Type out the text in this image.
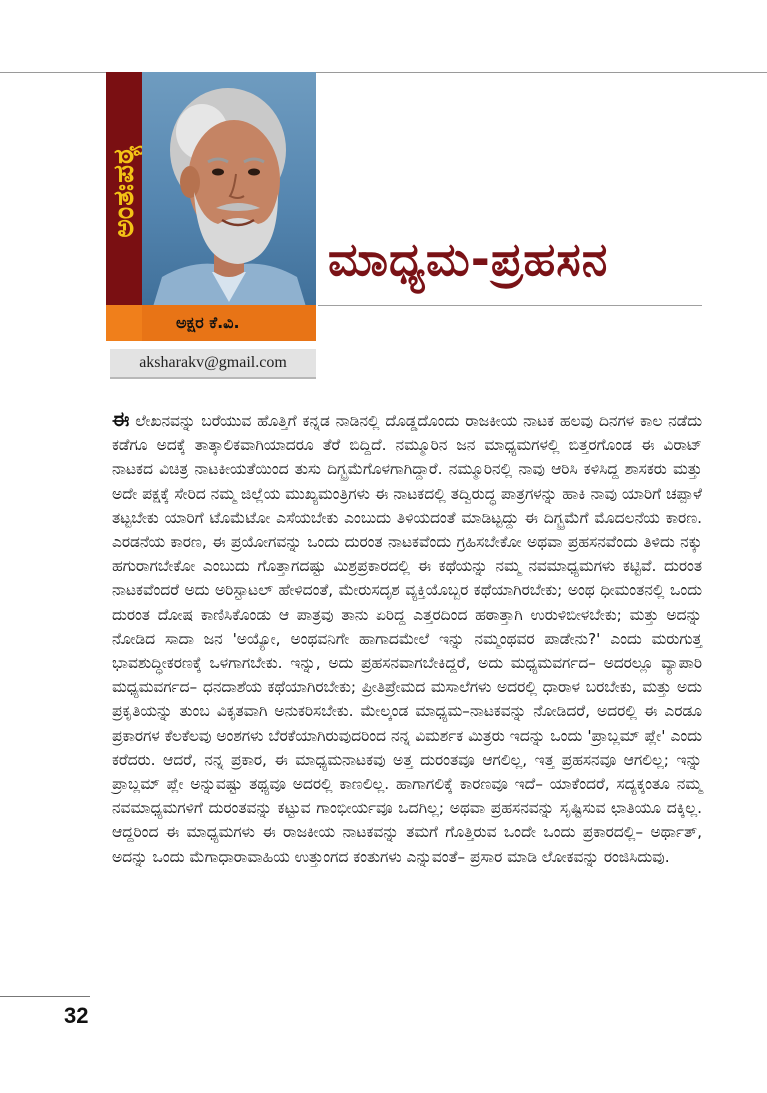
ಅಂತಃಪಠ್ಯ
ಅಕ್ಷರ ಕೆ.ವಿ.
aksharakv@gmail.com
ಮಾಧ್ಯಮ-ಪ್ರಹಸನ

ಈ ಲೇಖನವನ್ನು ಬರೆಯುವ ಹೊತ್ತಿಗೆ ಕನ್ನಡ ನಾಡಿನಲ್ಲಿ ದೊಡ್ಡದೊಂದು ರಾಜಕೀಯ ನಾಟಕ ಹಲವು ದಿನಗಳ ಕಾಲ ನಡೆದು ಕಡೆಗೂ ಅದಕ್ಕೆ ತಾತ್ಕಾಲಿಕವಾಗಿಯಾದರೂ ತೆರೆ ಬಿದ್ದಿದೆ. ನಮ್ಮೂರಿನ ಜನ ಮಾಧ್ಯಮಗಳಲ್ಲಿ ಬಿತ್ತರಗೊಂಡ ಈ ವಿರಾಟ್ ನಾಟಕದ ವಿಚಿತ್ರ ನಾಟಕೀಯತೆಯಿಂದ ತುಸು ದಿಗ್ಭ್ರಮೆಗೊಳಗಾಗಿದ್ದಾರೆ. ನಮ್ಮೂರಿನಲ್ಲಿ ನಾವು ಆರಿಸಿ ಕಳಿಸಿದ್ದ ಶಾಸಕರು ಮತ್ತು ಅದೇ ಪಕ್ಷಕ್ಕೆ ಸೇರಿದ ನಮ್ಮ ಜಿಲ್ಲೆಯ ಮುಖ್ಯಮಂತ್ರಿಗಳು ಈ ನಾಟಕದಲ್ಲಿ ತದ್ವಿರುದ್ಧ ಪಾತ್ರಗಳನ್ನು ಹಾಕಿ ನಾವು ಯಾರಿಗೆ ಚಪ್ಪಾಳೆ ತಟ್ಟಬೇಕು ಯಾರಿಗೆ ಟೊಮೆಟೋ ಎಸೆಯಬೇಕು ಎಂಬುದು ತಿಳಿಯದಂತೆ ಮಾಡಿಟ್ಟದ್ದು ಈ ದಿಗ್ಭ್ರಮೆಗೆ ಮೊದಲನೆಯ ಕಾರಣ. ಎರಡನೆಯ ಕಾರಣ, ಈ ಪ್ರಯೋಗವನ್ನು ಒಂದು ದುರಂತ ನಾಟಕವೆಂದು ಗ್ರಹಿಸಬೇಕೋ ಅಥವಾ ಪ್ರಹಸನವೆಂದು ತಿಳಿದು ನಕ್ಕು ಹಗುರಾಗಬೇಕೋ ಎಂಬುದು ಗೊತ್ತಾಗದಷ್ಟು ಮಿಶ್ರಪ್ರಕಾರದಲ್ಲಿ ಈ ಕಥೆಯನ್ನು ನಮ್ಮ ನವಮಾಧ್ಯಮಗಳು ಕಟ್ಟಿವೆ. ದುರಂತ ನಾಟಕವೆಂದರೆ ಅದು ಅರಿಸ್ಟಾಟಲ್ ಹೇಳಿದಂತೆ, ಮೇರುಸದೃಶ ವ್ಯಕ್ತಿಯೊಬ್ಬರ ಕಥೆಯಾಗಿರಬೇಕು; ಅಂಥ ಧೀಮಂತನಲ್ಲಿ ಒಂದು ದುರಂತ ದೋಷ ಕಾಣಿಸಿಕೊಂಡು ಆ ಪಾತ್ರವು ತಾನು ಏರಿದ್ದ ಎತ್ತರದಿಂದ ಹಠಾತ್ತಾಗಿ ಉರುಳಿಬೀಳಬೇಕು; ಮತ್ತು ಅದನ್ನು ನೋಡಿದ ಸಾದಾ ಜನ 'ಅಯ್ಯೋ, ಅಂಥವನಿಗೇ ಹಾಗಾದಮೇಲೆ ಇನ್ನು ನಮ್ಮಂಥವರ ಪಾಡೇನು?' ಎಂದು ಮರುಗುತ್ತ ಭಾವಶುದ್ಧೀಕರಣಕ್ಕೆ ಒಳಗಾಗಬೇಕು. ಇನ್ನು, ಅದು ಪ್ರಹಸನವಾಗಬೇಕಿದ್ದರೆ, ಅದು ಮಧ್ಯಮವರ್ಗದ– ಅದರಲ್ಲೂ ವ್ಯಾಪಾರಿ ಮಧ್ಯಮವರ್ಗದ– ಧನದಾಶೆಯ ಕಥೆಯಾಗಿರಬೇಕು; ಪ್ರೀತಿಪ್ರೇಮದ ಮಸಾಲೆಗಳು ಅದರಲ್ಲಿ ಧಾರಾಳ ಬರಬೇಕು, ಮತ್ತು ಅದು ಪ್ರಕೃತಿಯನ್ನು ತುಂಬ ವಿಕೃತವಾಗಿ ಅನುಕರಿಸಬೇಕು. ಮೇಲ್ಕಂಡ ಮಾಧ್ಯಮ–ನಾಟಕವನ್ನು ನೋಡಿದರೆ, ಅದರಲ್ಲಿ ಈ ಎರಡೂ ಪ್ರಕಾರಗಳ ಕೆಲಕೆಲವು ಅಂಶಗಳು ಬೆರಕೆಯಾಗಿರುವುದರಿಂದ ನನ್ನ ವಿಮರ್ಶಕ ಮಿತ್ರರು ಇದನ್ನು ಒಂದು 'ಪ್ರಾಬ್ಲಮ್ ಪ್ಲೇ' ಎಂದು ಕರೆದರು. ಆದರೆ, ನನ್ನ ಪ್ರಕಾರ, ಈ ಮಾಧ್ಯಮನಾಟಕವು ಅತ್ತ ದುರಂತವೂ ಆಗಲಿಲ್ಲ, ಇತ್ತ ಪ್ರಹಸನವೂ ಆಗಲಿಲ್ಲ; ಇನ್ನು ಪ್ರಾಬ್ಲಮ್ ಪ್ಲೇ ಅನ್ನುವಷ್ಟು ತಥ್ಯವೂ ಅದರಲ್ಲಿ ಕಾಣಲಿಲ್ಲ. ಹಾಗಾಗಲಿಕ್ಕೆ ಕಾರಣವೂ ಇದೆ– ಯಾಕೆಂದರೆ, ಸದ್ಯಕ್ಕಂತೂ ನಮ್ಮ ನವಮಾಧ್ಯಮಗಳಿಗೆ ದುರಂತವನ್ನು ಕಟ್ಟುವ ಗಾಂಭೀರ್ಯವೂ ಒದಗಿಲ್ಲ; ಅಥವಾ ಪ್ರಹಸನವನ್ನು ಸೃಷ್ಟಿಸುವ ಛಾತಿಯೂ ದಕ್ಕಿಲ್ಲ. ಆದ್ದರಿಂದ ಈ ಮಾಧ್ಯಮಗಳು ಈ ರಾಜಕೀಯ ನಾಟಕವನ್ನು ತಮಗೆ ಗೊತ್ತಿರುವ ಒಂದೇ ಒಂದು ಪ್ರಕಾರದಲ್ಲಿ– ಅರ್ಥಾತ್, ಅದನ್ನು ಒಂದು ಮೆಗಾಧಾರಾವಾಹಿಯ ಉತ್ತುಂಗದ ಕಂತುಗಳು ಎನ್ನುವಂತೆ– ಪ್ರಸಾರ ಮಾಡಿ ಲೋಕವನ್ನು ರಂಜಿಸಿದುವು.

32
